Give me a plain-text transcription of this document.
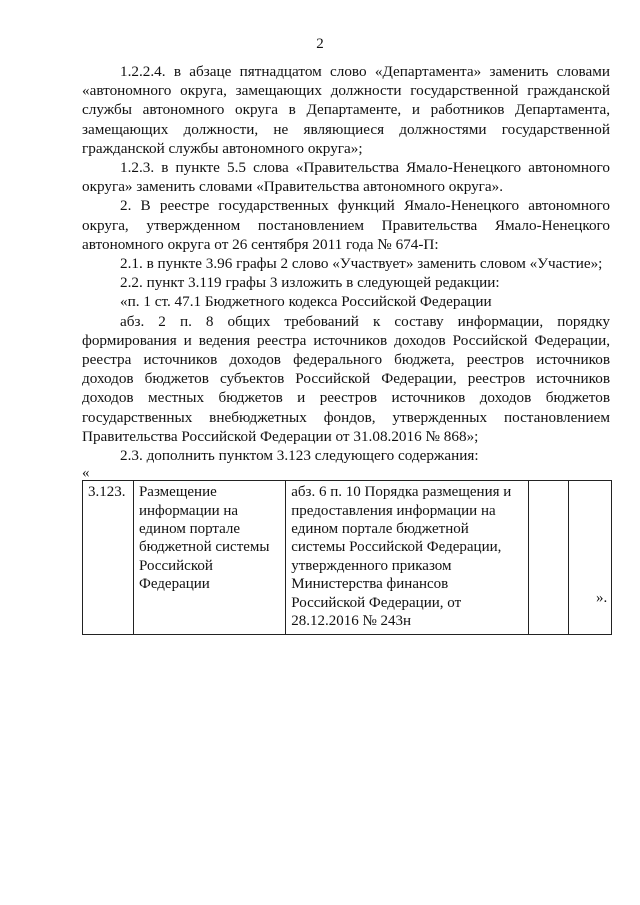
2

1.2.2.4. в абзаце пятнадцатом слово «Департамента» заменить словами «автономного округа, замещающих должности государственной гражданской службы автономного округа в Департаменте, и работников Департамента, замещающих должности, не являющиеся должностями государственной гражданской службы автономного округа»;

1.2.3. в пункте 5.5 слова «Правительства Ямало-Ненецкого автономного округа» заменить словами «Правительства автономного округа».

2. В реестре государственных функций Ямало-Ненецкого автономного округа, утвержденном постановлением Правительства Ямало-Ненецкого автономного округа от 26 сентября 2011 года № 674-П:

2.1. в пункте 3.96 графы 2 слово «Участвует» заменить словом «Участие»;

2.2. пункт 3.119 графы 3 изложить в следующей редакции:

«п. 1 ст. 47.1 Бюджетного кодекса Российской Федерации

абз. 2 п. 8 общих требований к составу информации, порядку формирования и ведения реестра источников доходов Российской Федерации, реестра источников доходов федерального бюджета, реестров источников доходов бюджетов субъектов Российской Федерации, реестров источников доходов местных бюджетов и реестров источников доходов бюджетов государственных внебюджетных фондов, утвержденных постановлением Правительства Российской Федерации от 31.08.2016 № 868»;

2.3. дополнить пунктом 3.123 следующего содержания:

«

3.123.	Размещение информации на едином портале бюджетной системы Российской Федерации	абз. 6 п. 10 Порядка размещения и предоставления информации на едином портале бюджетной системы Российской Федерации, утвержденного приказом Министерства финансов Российской Федерации, от 28.12.2016 № 243н		
».
